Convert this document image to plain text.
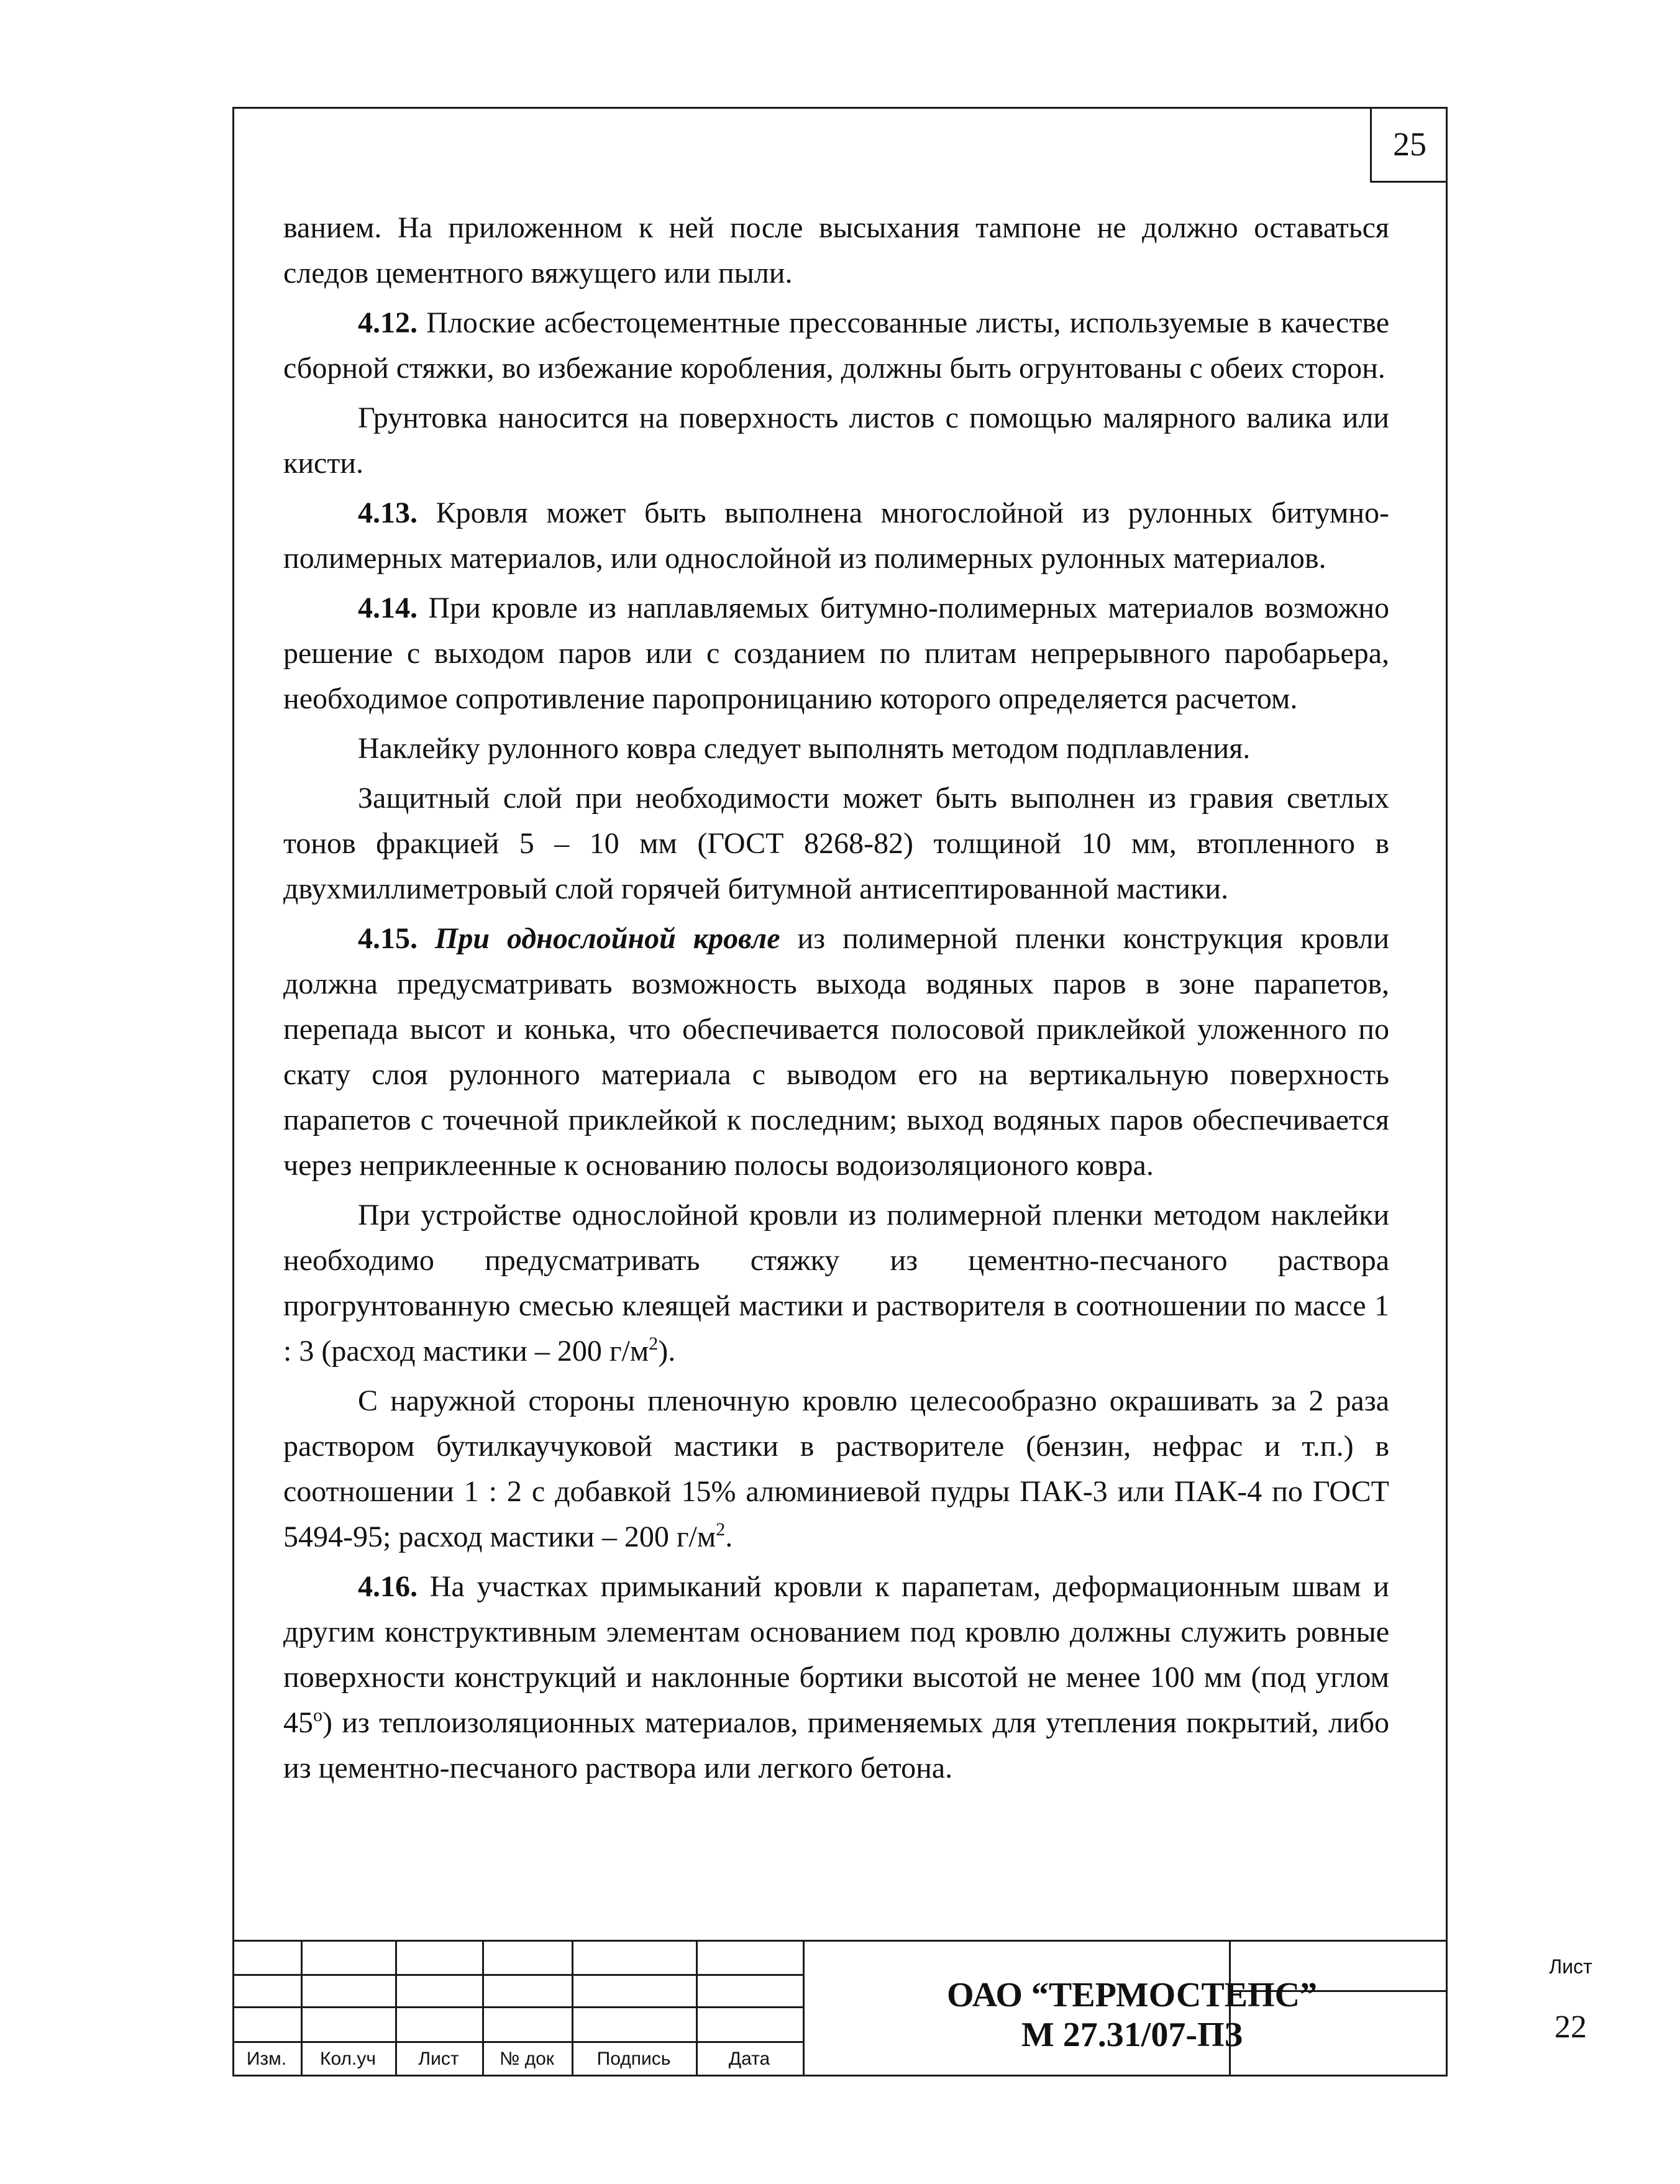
25

ванием. На приложенном к ней после высыхания тампоне не должно оставаться следов цементного вяжущего или пыли.

4.12. Плоские асбестоцементные прессованные листы, используемые в качестве сборной стяжки, во избежание коробления, должны быть огрунтованы с обеих сторон.

Грунтовка наносится на поверхность листов с помощью малярного валика или кисти.

4.13. Кровля может быть выполнена многослойной из рулонных битумно-полимерных материалов, или однослойной из полимерных рулонных материалов.

4.14. При кровле из наплавляемых битумно-полимерных материалов возможно решение с выходом паров или с созданием по плитам непрерывного паробарьера, необходимое сопротивление паропроницанию которого определяется расчетом.

Наклейку рулонного ковра следует выполнять методом подплавления.

Защитный слой при необходимости может быть выполнен из гравия светлых тонов фракцией 5 – 10 мм (ГОСТ 8268-82) толщиной 10 мм, втопленного в двухмиллиметровый слой горячей битумной антисептированной мастики.

4.15. При однослойной кровле из полимерной пленки конструкция кровли должна предусматривать возможность выхода водяных паров в зоне парапетов, перепада высот и конька, что обеспечивается полосовой приклейкой уложенного по скату слоя рулонного материала с выводом его на вертикальную поверхность парапетов с точечной приклейкой к последним; выход водяных паров обеспечивается через неприклеенные к основанию полосы водоизоляционого ковра.

При устройстве однослойной кровли из полимерной пленки методом наклейки необходимо предусматривать стяжку из цементно-песчаного раствора прогрунтованную смесью клеящей мастики и растворителя в соотношении по массе 1 : 3 (расход мастики – 200 $г/м^2$).

С наружной стороны пленочную кровлю целесообразно окрашивать за 2 раза раствором бутилкаучуковой мастики в растворителе (бензин, нефрас и т.п.) в соотношении 1 : 2 с добавкой 15% алюминиевой пудры ПАК-3 или ПАК-4 по ГОСТ 5494-95; расход мастики – 200 $г/м^2$.

4.16. На участках примыканий кровли к парапетам, деформационным швам и другим конструктивным элементам основанием под кровлю должны служить ровные поверхности конструкций и наклонные бортики высотой не менее 100 мм (под углом 45$^o$) из теплоизоляционных материалов, применяемых для утепления покрытий, либо из цементно-песчаного раствора или легкого бетона.

Изм.	Кол.уч	Лист	№ док	Подпись	Дата
ОАО “ТЕРМОСТЕПС”
М 27.31/07-ПЗ
Лист
22
